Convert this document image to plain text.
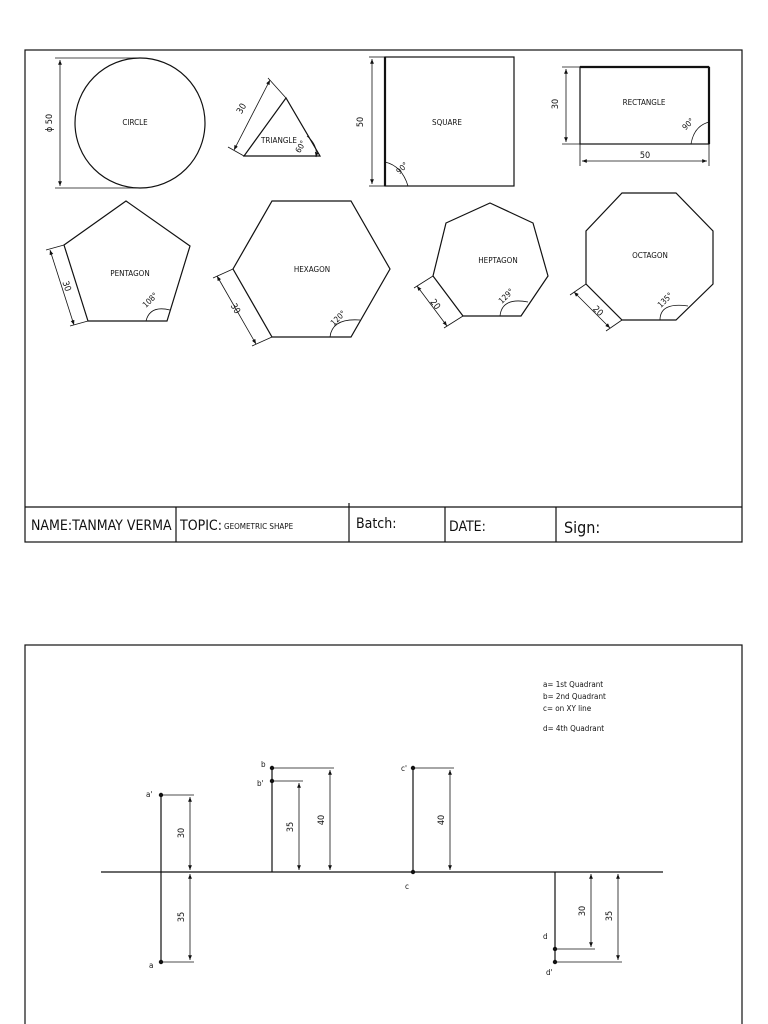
ϕ 50	CIRCLE
30
TRIANGLE
60°
50	SQUARE
90°
30
50
RECTANGLE
90°
30
PENTAGON
108°	30
HEXAGON
120°
20
HEPTAGON
129°
20
OCTAGON
135°
NAME:TANMAY VERMA TOPIC: GEOMETRIC SHAPE	Batch:	DATE:	Sign:
a= 1st Quadrant
b= 2nd Quadrant
c= on XY line
d= 4th Quadrant
a'
a
30
35
b
b'
35
40
c'
c
40
d
d'
30 35
